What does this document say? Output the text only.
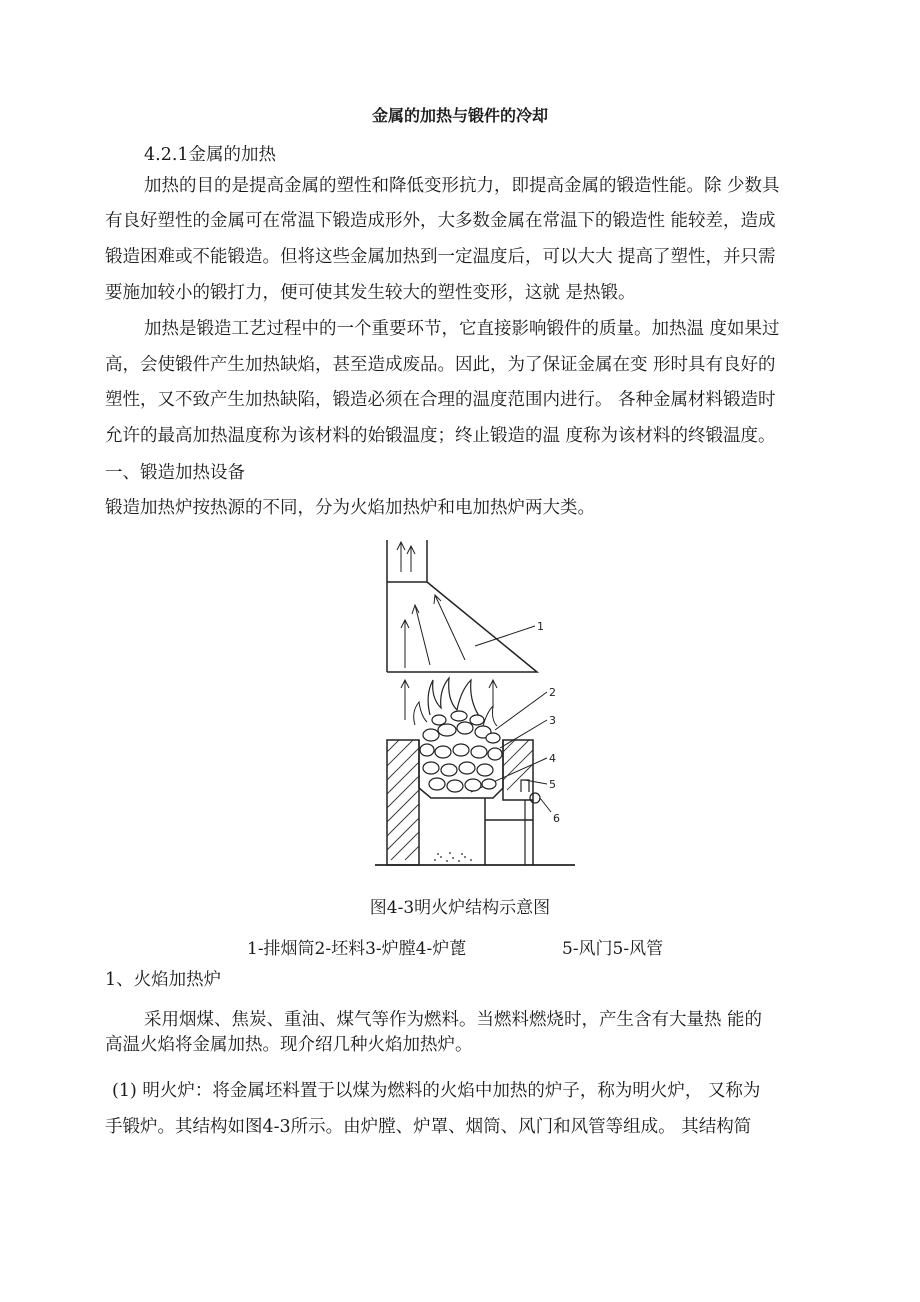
金属的加热与锻件的冷却
4.2.1金属的加热
加热的目的是提高金属的塑性和降低变形抗力，即提高金属的锻造性能。除 少数具
有良好塑性的金属可在常温下锻造成形外，大多数金属在常温下的锻造性 能较差，造成
锻造困难或不能锻造。但将这些金属加热到一定温度后，可以大大 提高了塑性，并只需
要施加较小的锻打力，便可使其发生较大的塑性变形，这就 是热锻。
加热是锻造工艺过程中的一个重要环节，它直接影响锻件的质量。加热温 度如果过
高，会使锻件产生加热缺焰，甚至造成废品。因此，为了保证金属在变 形时具有良好的
塑性，又不致产生加热缺陷，锻造必须在合理的温度范围内进行。 各种金属材料锻造时
允许的最高加热温度称为该材料的始锻温度；终止锻造的温 度称为该材料的终锻温度。
一、锻造加热设备
锻造加热炉按热源的不同，分为火焰加热炉和电加热炉两大类。
1
2
3
4
5
6
图4-3明火炉结构示意图
1-排烟筒2-坯料3-炉膛4-炉蓖	5-风门5-风管
1、火焰加热炉
采用烟煤、焦炭、重油、煤气等作为燃料。当燃料燃烧时，产生含有大量热 能的
高温火焰将金属加热。现介绍几种火焰加热炉。
(1) 明火炉：将金属坯料置于以煤为燃料的火焰中加热的炉子，称为明火炉， 又称为
手锻炉。其结构如图4-3所示。由炉膛、炉罩、烟筒、风门和风管等组成。 其结构简
